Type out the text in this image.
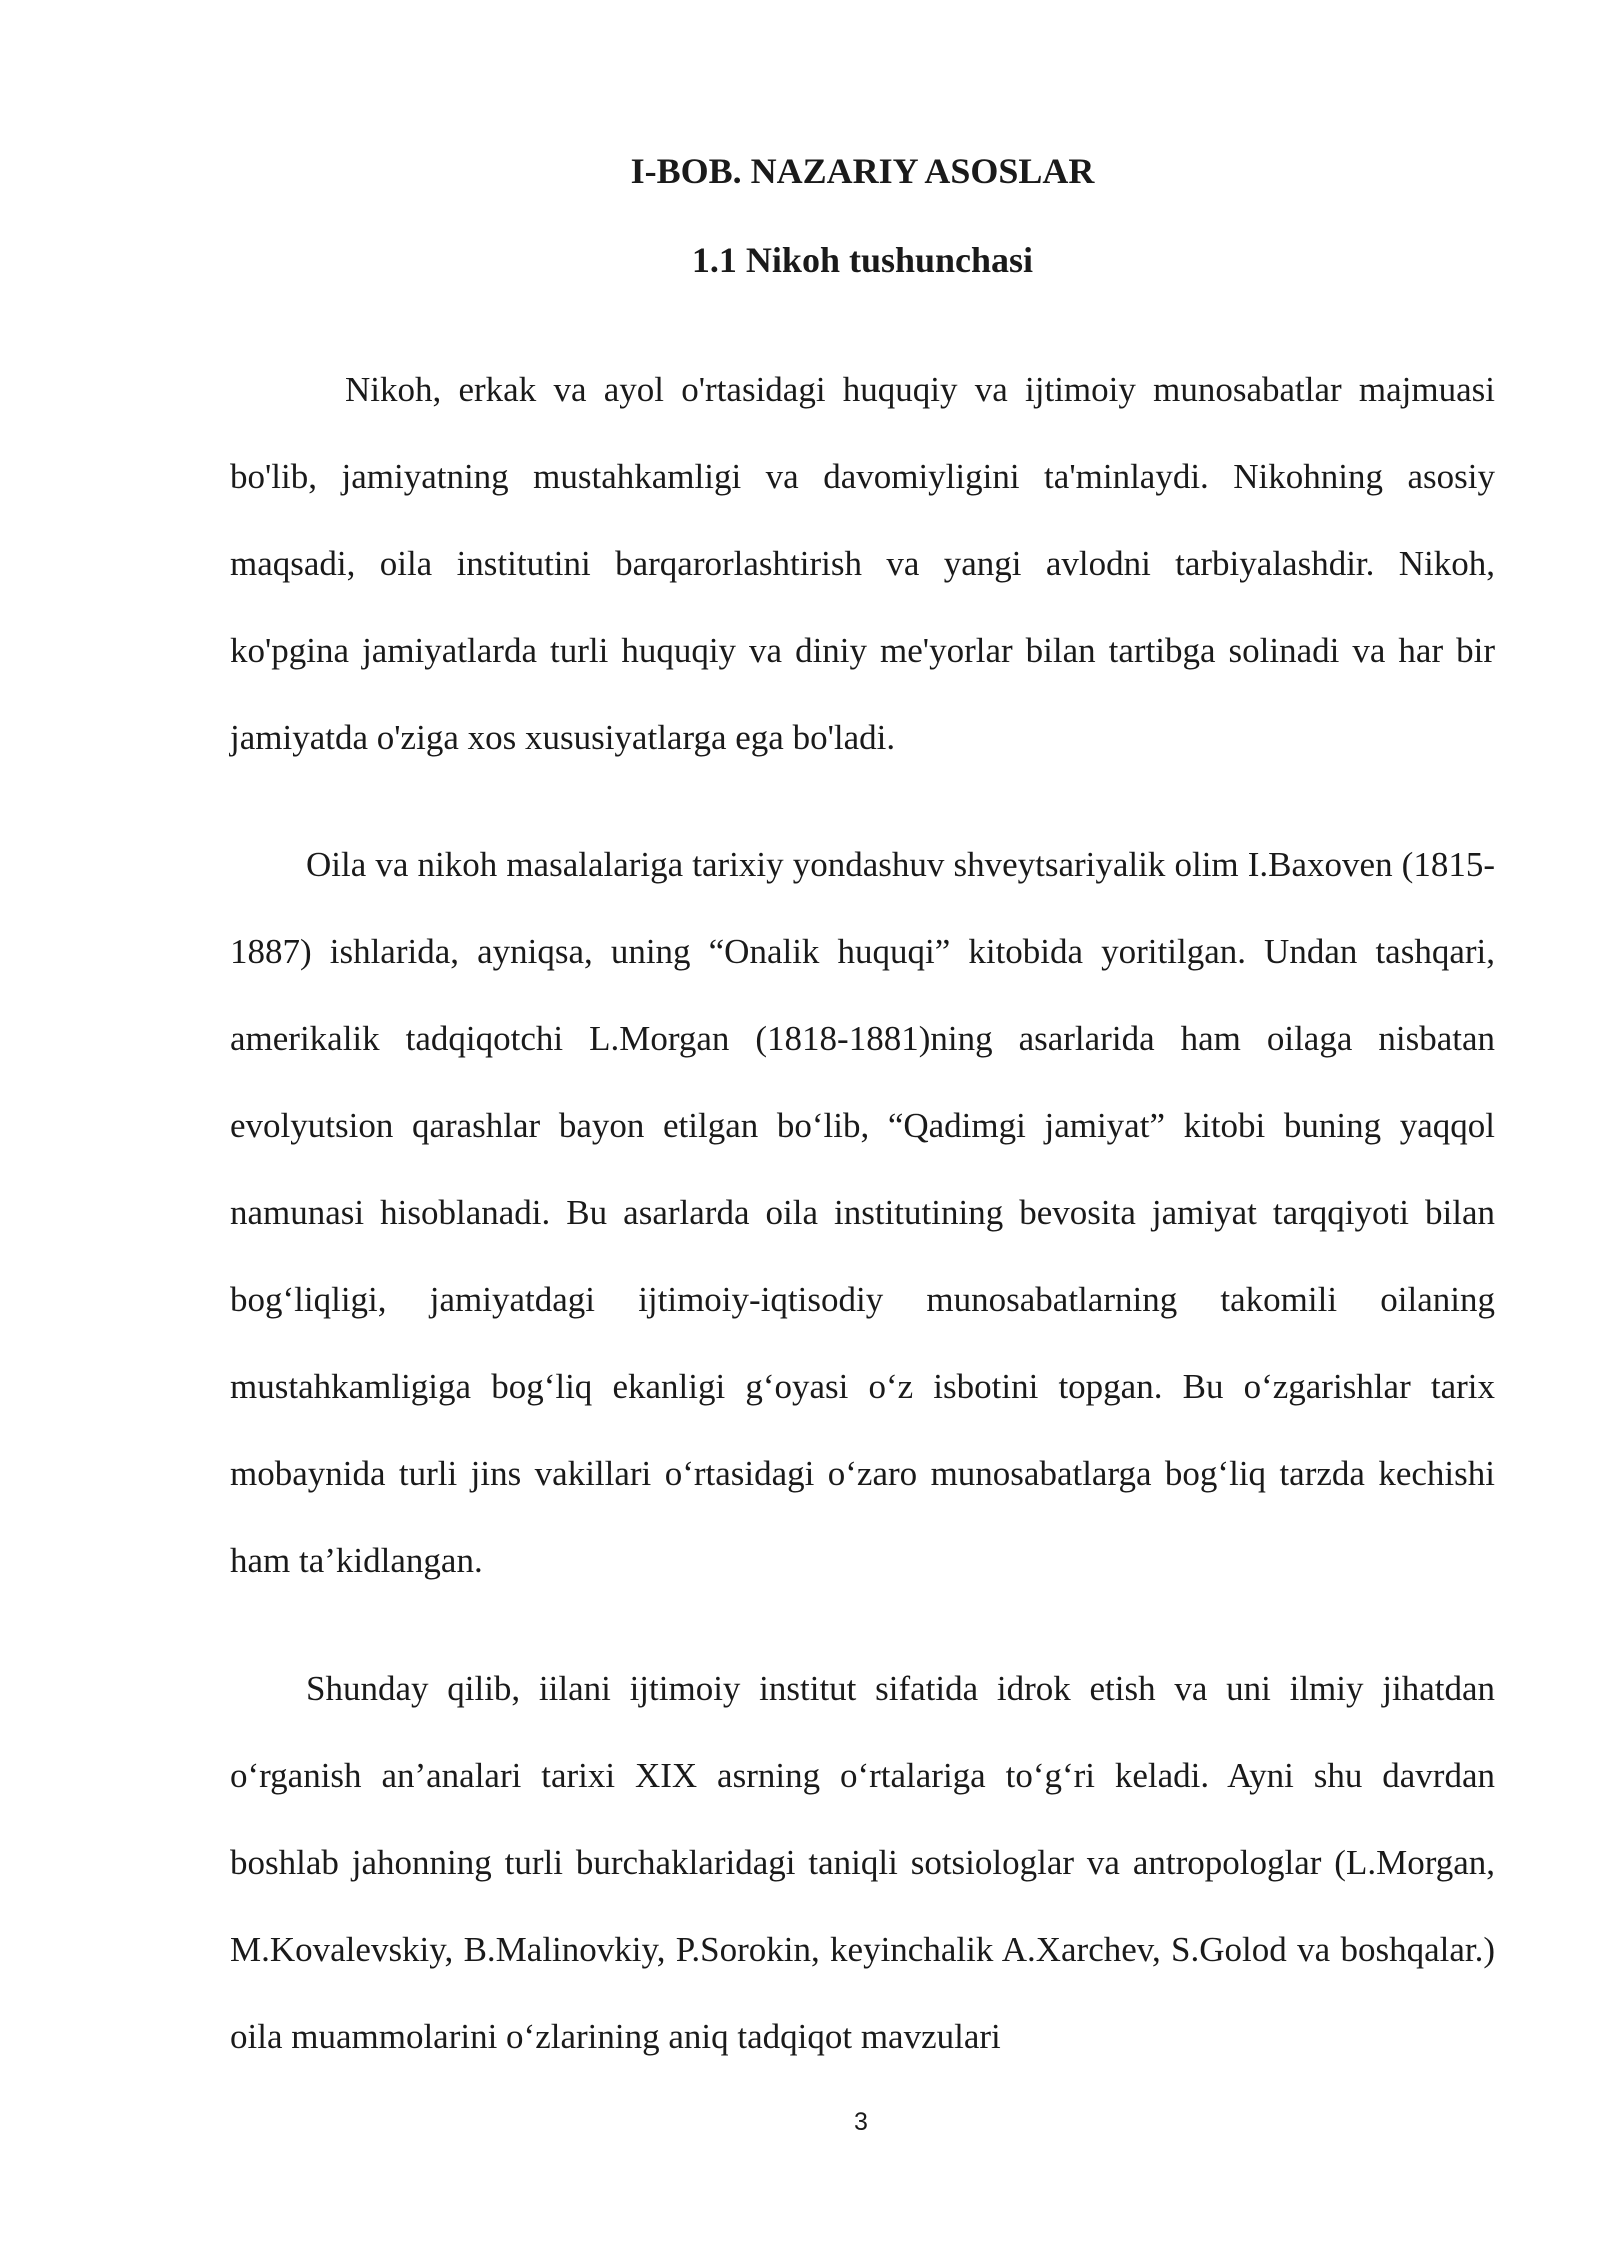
I-BOB. NAZARIY ASOSLAR
1.1 Nikoh tushunchasi

Nikoh, erkak va ayol o'rtasidagi huquqiy va ijtimoiy munosabatlar majmuasi bo'lib, jamiyatning mustahkamligi va davomiyligini ta'minlaydi. Nikohning asosiy maqsadi, oila institutini barqarorlashtirish va yangi avlodni tarbiyalashdir. Nikoh, ko'pgina jamiyatlarda turli huquqiy va diniy me'yorlar bilan tartibga solinadi va har bir jamiyatda o'ziga xos xususiyatlarga ega bo'ladi.

Oila va nikoh masalalariga tarixiy yondashuv shveytsariyalik olim I.Baxoven (1815-1887) ishlarida, ayniqsa, uning “Onalik huquqi” kitobida yoritilgan. Undan tashqari, amerikalik tadqiqotchi L.Morgan (1818-1881)ning asarlarida ham oilaga nisbatan evolyutsion qarashlar bayon etilgan bo‘lib, “Qadimgi jamiyat” kitobi buning yaqqol namunasi hisoblanadi. Bu asarlarda oila institutining bevosita jamiyat tarqqiyoti bilan bog‘liqligi, jamiyatdagi ijtimoiy-iqtisodiy munosabatlarning takomili oilaning mustahkamligiga bog‘liq ekanligi g‘oyasi o‘z isbotini topgan. Bu o‘zgarishlar tarix mobaynida turli jins vakillari o‘rtasidagi o‘zaro munosabatlarga bog‘liq tarzda kechishi ham ta’kidlangan.

Shunday qilib, iilani ijtimoiy institut sifatida idrok etish va uni ilmiy jihatdan o‘rganish an’analari tarixi XIX asrning o‘rtalariga to‘g‘ri keladi. Ayni shu davrdan boshlab jahonning turli burchaklaridagi taniqli sotsiologlar va antropologlar (L.Morgan, M.Kovalevskiy, B.Malinovkiy, P.Sorokin, keyinchalik A.Xarchev, S.Golod va boshqalar.) oila muammolarini o‘zlarining aniq tadqiqot mavzulari

3
